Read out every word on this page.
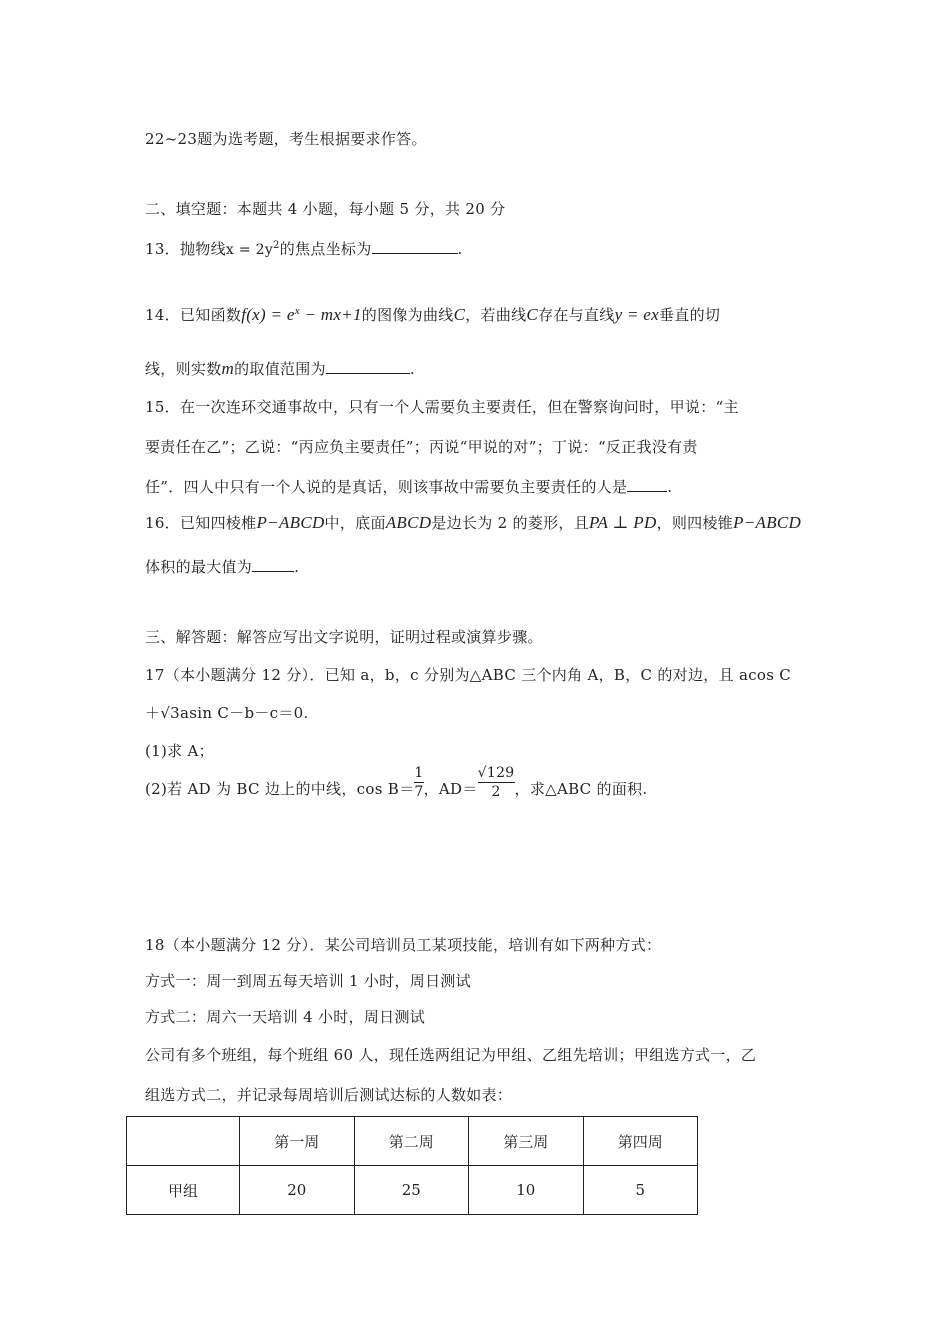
22~23题为选考题，考生根据要求作答。
二、填空题：本题共 4 小题，每小题 5 分，共 20 分
13．抛物线$x = 2y^2$的焦点坐标为	.
14．已知函数$f(x) = e^x - mx+1$的图像为曲线C，若曲线C存在与直线y = ex垂直的切
线，则实数m的取值范围为	.
15．在一次连环交通事故中，只有一个人需要负主要责任，但在警察询问时，甲说：“主
要责任在乙”；乙说：“丙应负主要责任”；丙说“甲说的对”；丁说：“反正我没有责
任”．四人中只有一个人说的是真话，则该事故中需要负主要责任的人是	.
16．已知四棱椎P−ABCD中，底面ABCD是边长为 2 的菱形，且PA ⊥ PD，则四棱锥P−ABCD
体积的最大值为	.
三、解答题：解答应写出文字说明，证明过程或演算步骤。
17（本小题满分 12 分）．已知 a，b，c 分别为△ABC 三个内角 A，B，C 的对边，且 acos C
＋√3asin C－b－c＝0.
(1)求 A；
(2)若 AD 为 BC 边上的中线，$\cos B= \frac{1}{7}$ ，$AD= \frac{√129}{2}$ ，求△ABC 的面积.
18（本小题满分 12 分）．某公司培训员工某项技能，培训有如下两种方式：
方式一：周一到周五每天培训 1 小时，周日测试
方式二：周六一天培训 4 小时，周日测试
公司有多个班组，每个班组 60 人，现任选两组记为甲组、乙组先培训；甲组选方式一，乙
组选方式二，并记录每周培训后测试达标的人数如表：
	第一周	第二周	第三周	第四周
甲组	20	25	10	5
